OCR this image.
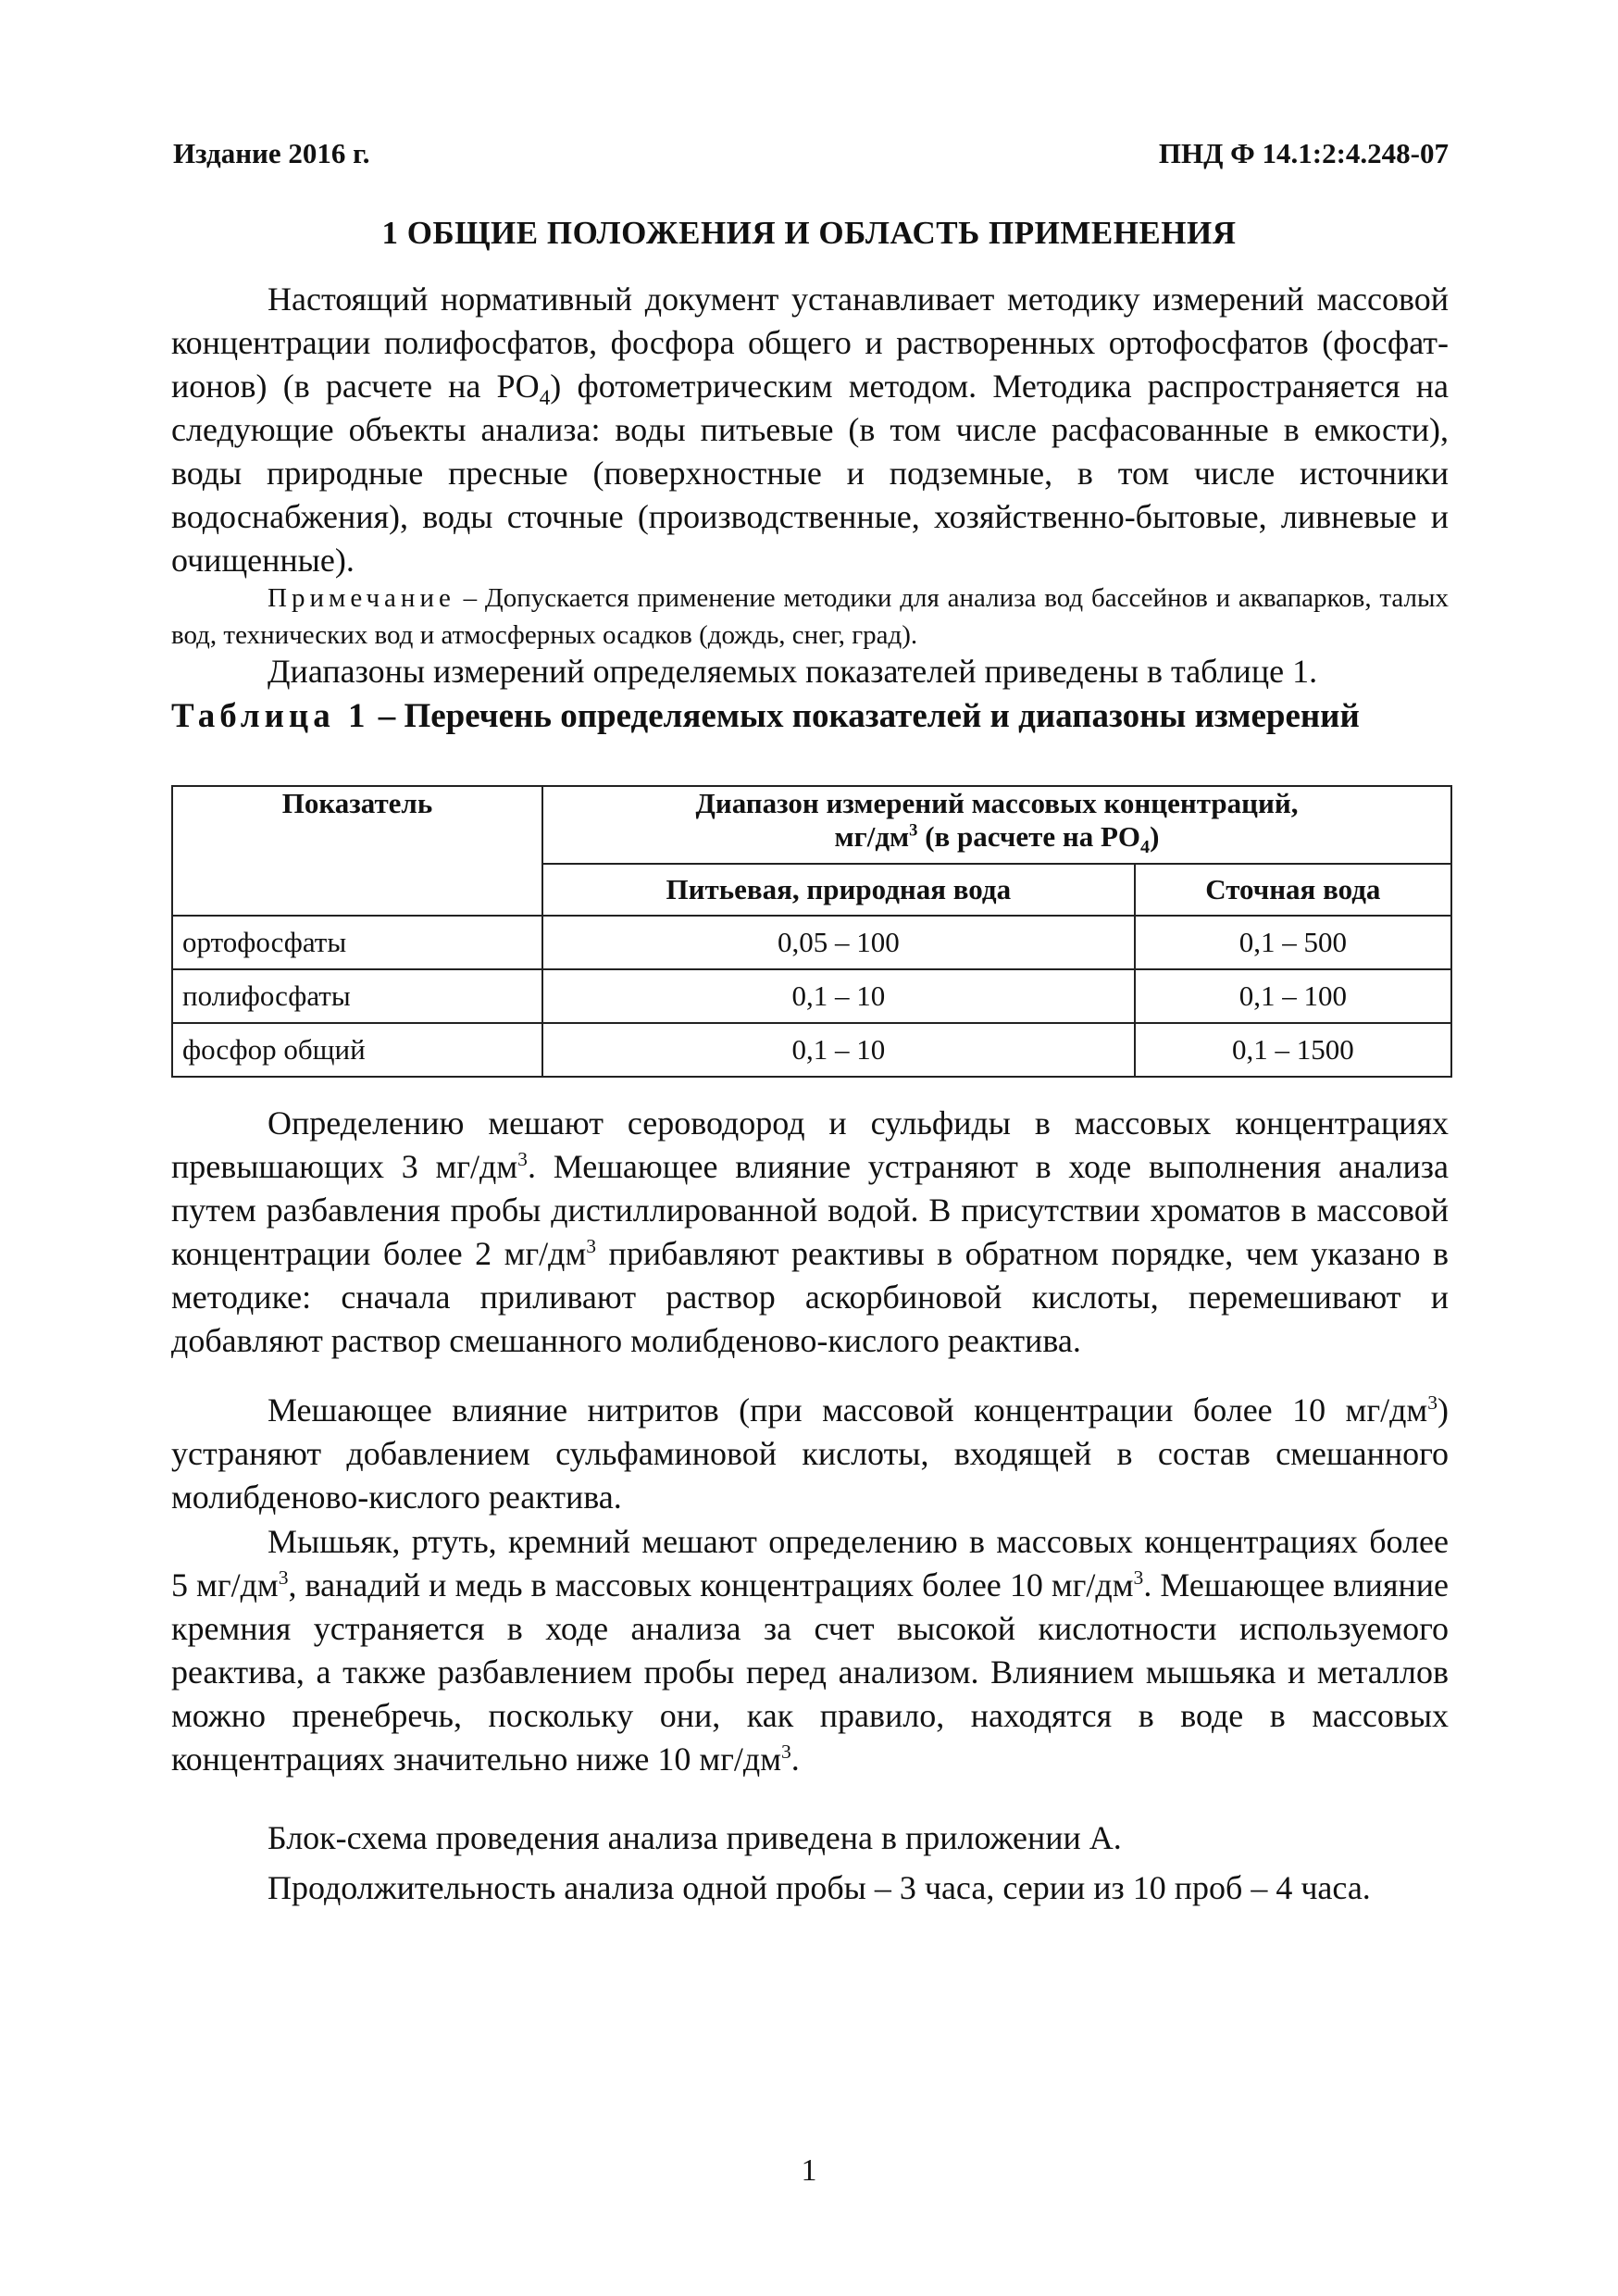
Издание 2016 г.	ПНД Ф 14.1:2:4.248-07
1 ОБЩИЕ ПОЛОЖЕНИЯ И ОБЛАСТЬ ПРИМЕНЕНИЯ
Настоящий нормативный документ устанавливает методику измерений массовой концентрации полифосфатов, фосфора общего и растворенных ортофосфатов (фосфат-ионов) (в расчете на $PO_4$) фотометрическим методом. Методика распространяется на следующие объекты анализа: воды питьевые (в том числе расфасованные в емкости), воды природные пресные (поверхностные и подземные, в том числе источники водоснабжения), воды сточные (производственные, хозяйственно-бытовые, ливневые и очищенные).
Примечание – Допускается применение методики для анализа вод бассейнов и аквапарков, талых вод, технических вод и атмосферных осадков (дождь, снег, град).
Диапазоны измерений определяемых показателей приведены в таблице 1.
Таблица 1 – Перечень определяемых показателей и диапазоны измерений
Показатель	Диапазон измерений массовых концентраций,
$мг/дм^3$ (в расчете на $PO_4$)	
	Питьевая, природная вода	Сточная вода
ортофосфаты	0,05 – 100	0,1 – 500
полифосфаты	0,1 – 10	0,1 – 100
фосфор общий	0,1 – 10	0,1 – 1500
Определению мешают сероводород и сульфиды в массовых концентрациях превышающих 3 $мг/дм^3$. Мешающее влияние устраняют в ходе выполнения анализа путем разбавления пробы дистиллированной водой. В присутствии хроматов в массовой концентрации более 2 $мг/дм^3$ прибавляют реактивы в обратном порядке, чем указано в методике: сначала приливают раствор аскорбиновой кислоты, перемешивают и добавляют раствор смешанного молибденово-кислого реактива.
Мешающее влияние нитритов (при массовой концентрации более 10 $мг/дм^3$) устраняют добавлением сульфаминовой кислоты, входящей в состав смешанного молибденово-кислого реактива.
Мышьяк, ртуть, кремний мешают определению в массовых концентрациях более 5 $мг/дм^3$, ванадий и медь в массовых концентрациях более 10 $мг/дм^3$. Мешающее влияние кремния устраняется в ходе анализа за счет высокой кислотности используемого реактива, а также разбавлением пробы перед анализом. Влиянием мышьяка и металлов можно пренебречь, поскольку они, как правило, находятся в воде в массовых концентрациях значительно ниже 10 $мг/дм^3$.
Блок-схема проведения анализа приведена в приложении А.
Продолжительность анализа одной пробы – 3 часа, серии из 10 проб – 4 часа.
1
